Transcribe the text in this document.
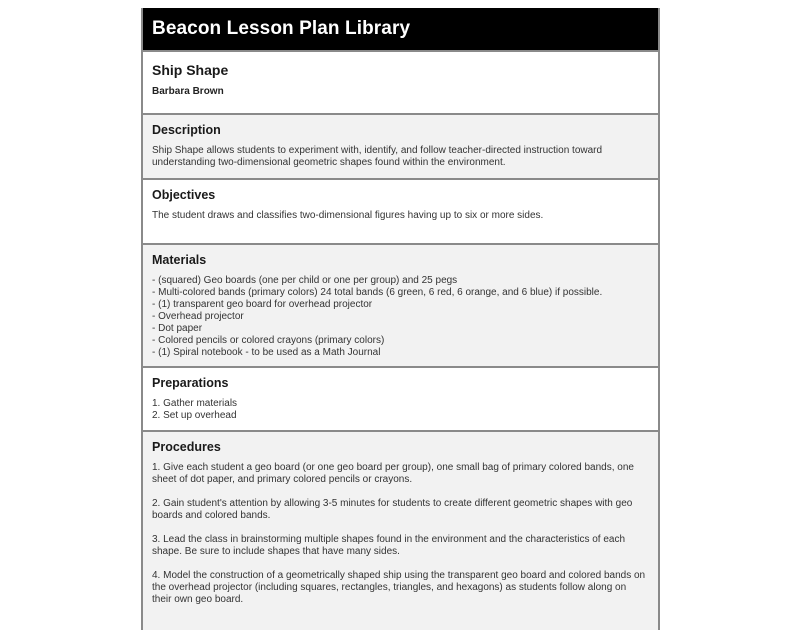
Beacon Lesson Plan Library
Ship Shape
Barbara Brown
Description
Ship Shape allows students to experiment with, identify, and follow teacher-directed instruction toward understanding two-dimensional geometric shapes found within the environment.
Objectives
The student draws and classifies two-dimensional figures having up to six or more sides.
Materials
- (squared) Geo boards (one per child or one per group) and 25 pegs
- Multi-colored bands (primary colors) 24 total bands (6 green, 6 red, 6 orange, and 6 blue) if possible.
- (1) transparent geo board for overhead projector
- Overhead projector
- Dot paper
- Colored pencils or colored crayons (primary colors)
- (1) Spiral notebook - to be used as a Math Journal
Preparations
1. Gather materials
2. Set up overhead
Procedures
1. Give each student a geo board (or one geo board per group), one small bag of primary colored bands, one sheet of dot paper, and primary colored pencils or crayons.
2. Gain student's attention by allowing 3-5 minutes for students to create different geometric shapes with geo boards and colored bands.
3. Lead the class in brainstorming multiple shapes found in the environment and the characteristics of each shape. Be sure to include shapes that have many sides.
4. Model the construction of a geometrically shaped ship using the transparent geo board and colored bands on the overhead projector (including squares, rectangles, triangles, and hexagons) as students follow along on their own geo board.
